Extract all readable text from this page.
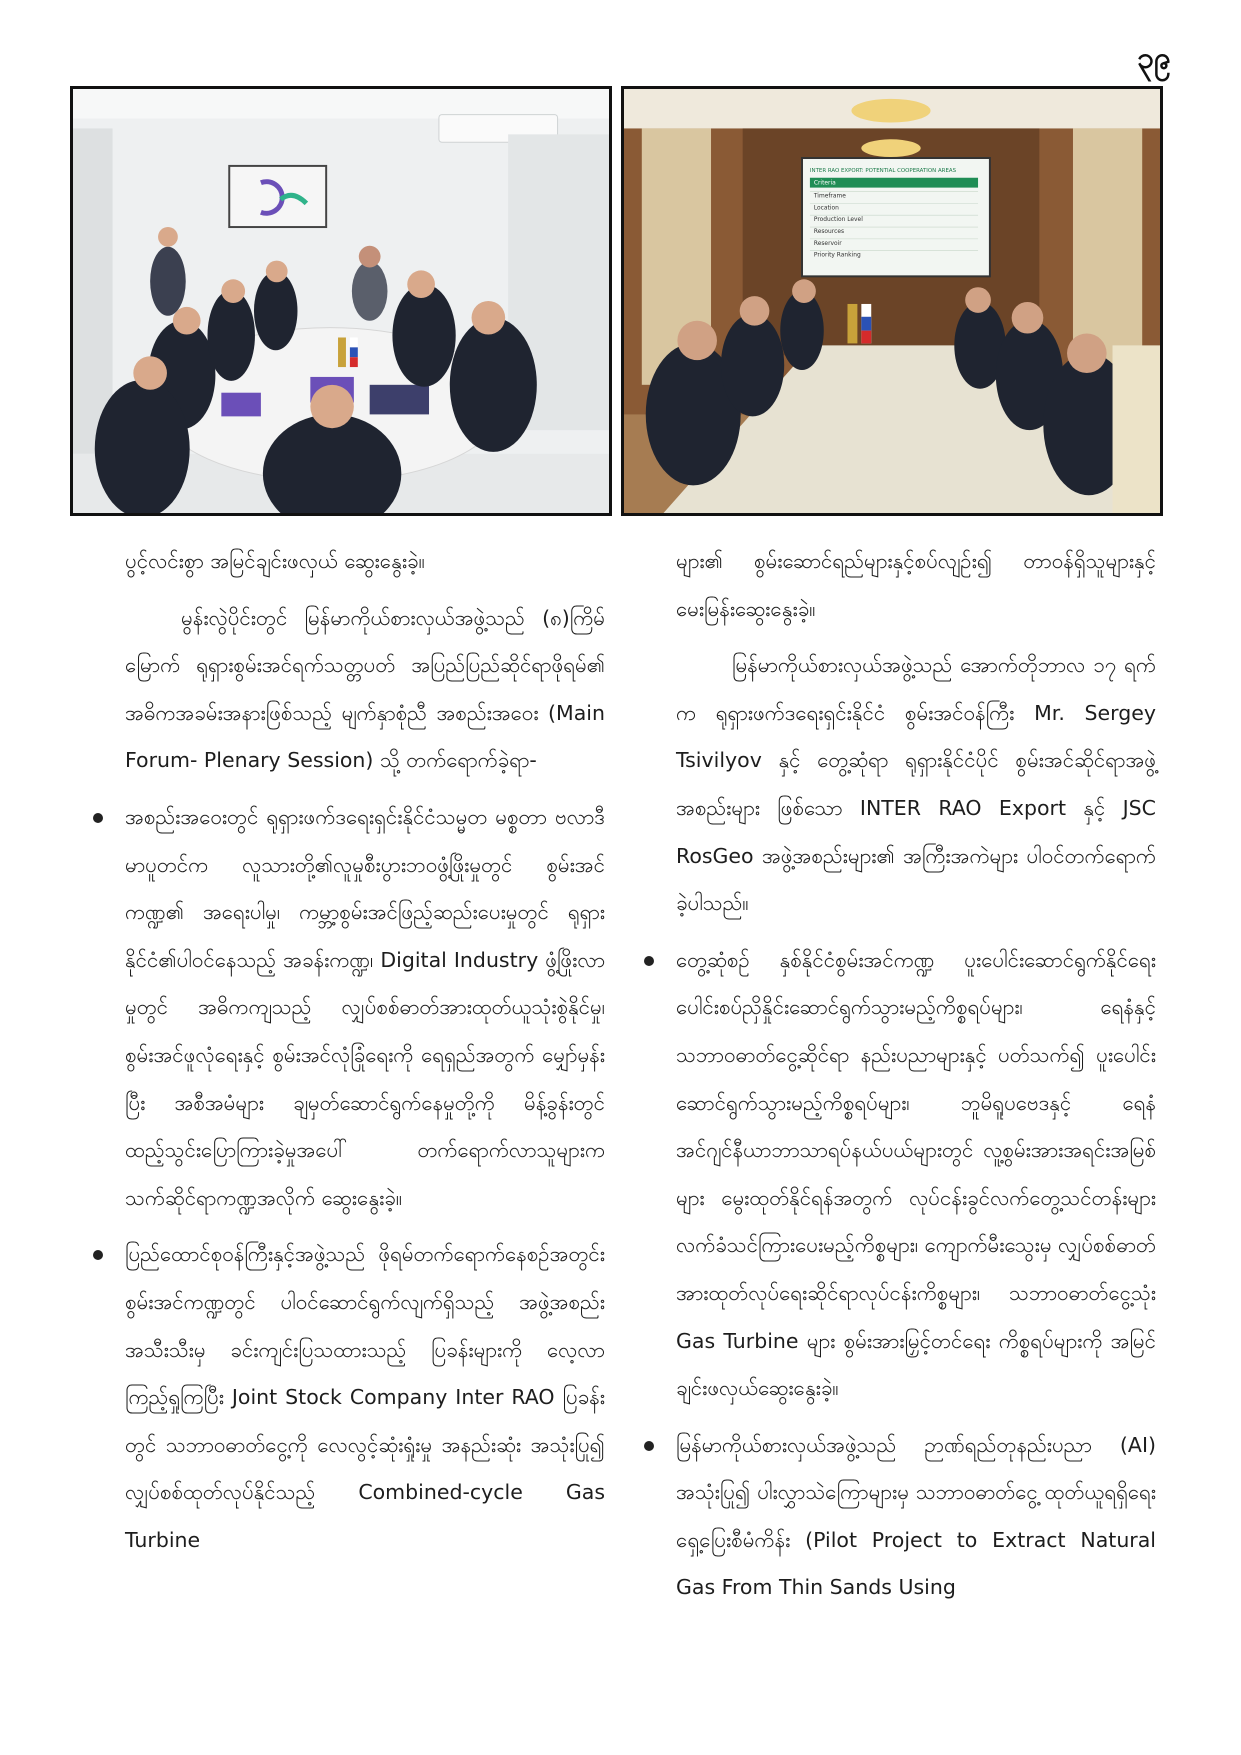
၃၉
INTER RAO EXPORT: POTENTIAL COOPERATION AREAS
Criteria
Timeframe
Location
Production Level
Resources
Reservoir
Priority Ranking

ပွင့်လင်းစွာ အမြင်ချင်းဖလှယ် ဆွေးနွေးခဲ့။

မွန်းလွဲပိုင်းတွင် မြန်မာကိုယ်စားလှယ်အဖွဲ့သည် (၈)ကြိမ်မြောက် ရုရှားစွမ်းအင်ရက်သတ္တပတ် အပြည်ပြည်ဆိုင်ရာဖိုရမ်၏ အဓိကအခမ်းအနားဖြစ်သည့် မျက်နှာစုံညီ အစည်းအဝေး (Main Forum- Plenary Session) သို့ တက်ရောက်ခဲ့ရာ-

အစည်းအဝေးတွင် ရုရှားဖက်ဒရေးရှင်းနိုင်ငံသမ္မတ မစ္စတာ ဗလာဒီမာပူတင်က လူသားတို့၏လူမှုစီးပွားဘဝဖွံ့ဖြိုးမှုတွင် စွမ်းအင်ကဏ္ဍ၏ အရေးပါမှု၊ ကမ္ဘာ့စွမ်းအင်ဖြည့်ဆည်းပေးမှုတွင် ရုရှားနိုင်ငံ၏ပါဝင်နေသည့် အခန်းကဏ္ဍ၊ Digital Industry ဖွံ့ဖြိုးလာမှုတွင် အဓိကကျသည့် လျှပ်စစ်ဓာတ်အားထုတ်ယူသုံးစွဲနိုင်မှု၊ စွမ်းအင်ဖူလုံရေးနှင့် စွမ်းအင်လုံခြုံရေးကို ရေရှည်အတွက် မျှော်မှန်းပြီး အစီအမံများ ချမှတ်ဆောင်ရွက်နေမှုတို့ကို မိန့်ခွန်းတွင်ထည့်သွင်းပြောကြားခဲ့မှုအပေါ် တက်ရောက်လာသူများက သက်ဆိုင်ရာကဏ္ဍအလိုက် ဆွေးနွေးခဲ့။
ပြည်ထောင်စုဝန်ကြီးနှင့်အဖွဲ့သည် ဖိုရမ်တက်ရောက်နေစဉ်အတွင်း စွမ်းအင်ကဏ္ဍတွင် ပါဝင်ဆောင်ရွက်လျက်ရှိသည့် အဖွဲ့အစည်းအသီးသီးမှ ခင်းကျင်းပြသထားသည့် ပြခန်းများကို လေ့လာကြည့်ရှုကြပြီး Joint Stock Company Inter RAO ပြခန်းတွင် သဘာဝဓာတ်ငွေ့ကို လေလွင့်ဆုံးရှုံးမှု အနည်းဆုံး အသုံးပြု၍ လျှပ်စစ်ထုတ်လုပ်နိုင်သည့် Combined-cycle Gas Turbine

များ၏ စွမ်းဆောင်ရည်များနှင့်စပ်လျဉ်း၍ တာဝန်ရှိသူများနှင့် မေးမြန်းဆွေးနွေးခဲ့။

မြန်မာကိုယ်စားလှယ်အဖွဲ့သည် အောက်တိုဘာလ ၁၇ ရက်က ရုရှားဖက်ဒရေးရှင်းနိုင်ငံ စွမ်းအင်ဝန်ကြီး Mr. Sergey Tsivilyov နှင့် တွေ့ဆုံရာ ရုရှားနိုင်ငံပိုင် စွမ်းအင်ဆိုင်ရာအဖွဲ့အစည်းများ ဖြစ်သော INTER RAO Export နှင့် JSC RosGeo အဖွဲ့အစည်းများ၏ အကြီးအကဲများ ပါဝင်တက်ရောက်ခဲ့ပါသည်။

တွေ့ဆုံစဉ် နှစ်နိုင်ငံစွမ်းအင်ကဏ္ဍ ပူးပေါင်းဆောင်ရွက်နိုင်ရေး ပေါင်းစပ်ညှိနှိုင်းဆောင်ရွက်သွားမည့်ကိစ္စရပ်များ၊ ရေနံနှင့်သဘာဝဓာတ်ငွေ့ဆိုင်ရာ နည်းပညာများနှင့် ပတ်သက်၍ ပူးပေါင်းဆောင်ရွက်သွားမည့်ကိစ္စရပ်များ၊ ဘူမိရူပဗေဒနှင့် ရေနံအင်ဂျင်နီယာဘာသာရပ်နယ်ပယ်များတွင် လူ့စွမ်းအားအရင်းအမြစ်များ မွေးထုတ်နိုင်ရန်အတွက် လုပ်ငန်းခွင်လက်တွေ့သင်တန်းများ လက်ခံသင်ကြားပေးမည့်ကိစ္စများ၊ ကျောက်မီးသွေးမှ လျှပ်စစ်ဓာတ်အားထုတ်လုပ်ရေးဆိုင်ရာလုပ်ငန်းကိစ္စများ၊ သဘာဝဓာတ်ငွေ့သုံး Gas Turbine များ စွမ်းအားမြှင့်တင်ရေး ကိစ္စရပ်များကို အမြင်ချင်းဖလှယ်ဆွေးနွေးခဲ့။
မြန်မာကိုယ်စားလှယ်အဖွဲ့သည် ဉာဏ်ရည်တုနည်းပညာ (AI) အသုံးပြု၍ ပါးလွှာသဲကြောများမှ သဘာဝဓာတ်ငွေ့ ထုတ်ယူရရှိရေး ရှေ့ပြေးစီမံကိန်း (Pilot Project to Extract Natural Gas From Thin Sands Using
